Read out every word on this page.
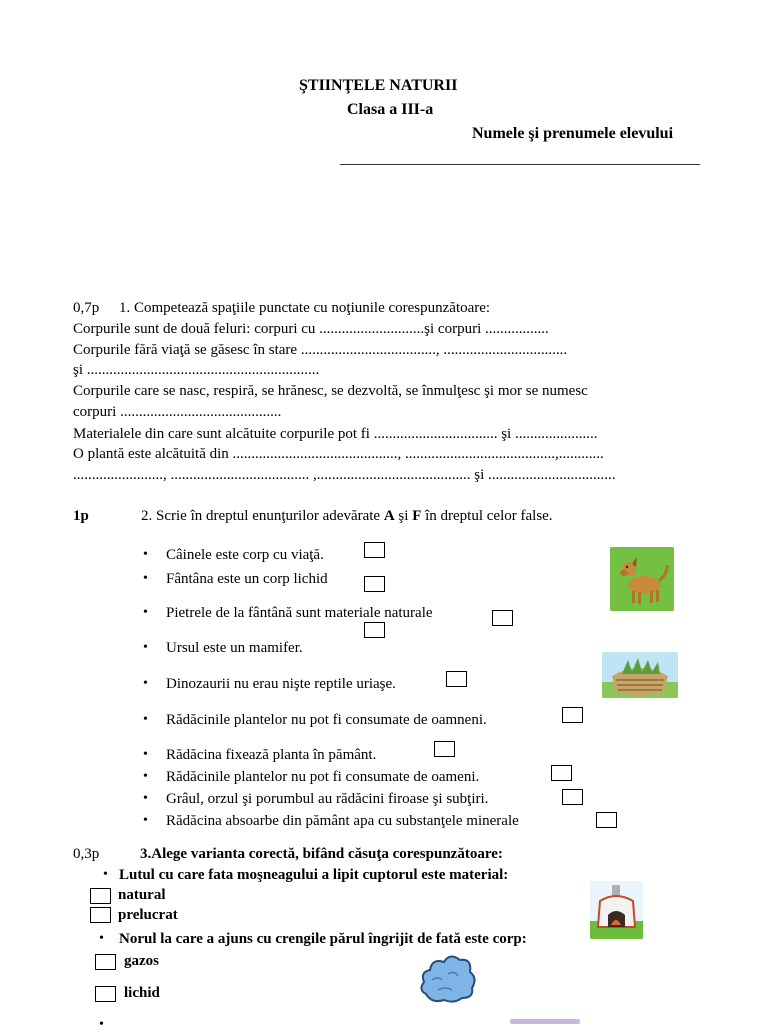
ŞTIINŢELE NATURII
Clasa a III-a
Numele şi prenumele elevului
_____________________________________________
0,7p 1. Competează spaţiile punctate cu noţiunile corespunzătoare:
Corpurile sunt de două feluri: corpuri cu ............................şi corpuri .................
Corpurile fără viaţă se găsesc în stare ...................................., .................................
şi ..............................................................
Corpurile care se nasc, respiră, se hrănesc, se dezvoltă, se înmulţesc şi mor se numesc
corpuri ...........................................
Materialele din care sunt alcătuite corpurile pot fi ................................. şi ......................
O plantă este alcătuită din ............................................, ........................................,............
........................, ..................................... ,......................................... şi ..................................
1p	2. Scrie în dreptul enunţurilor adevărate A şi F în dreptul celor false.
• Câinele este corp cu viaţă.
• Fântâna este un corp lichid
• Pietrele de la fântână sunt materiale naturale
• Ursul este un mamifer.
• Dinozaurii nu erau nişte reptile uriaşe.
• Rădăcinile plantelor nu pot fi consumate de oamneni.
• Rădăcina fixează planta în pământ.
• Rădăcinile plantelor nu pot fi consumate de oameni.
• Grâul, orzul şi porumbul au rădăcini firoase şi subţiri.
• Rădăcina absoarbe din pământ apa cu substanţele minerale
0,3p	3.Alege varianta corectă, bifând căsuţa corespunzătoare:
• Lutul cu care fata moşneagului a lipit cuptorul este material:
natural
prelucrat
• Norul la care a ajuns cu crengile părul îngrijit de fată este corp:
gazos
lichid
•
